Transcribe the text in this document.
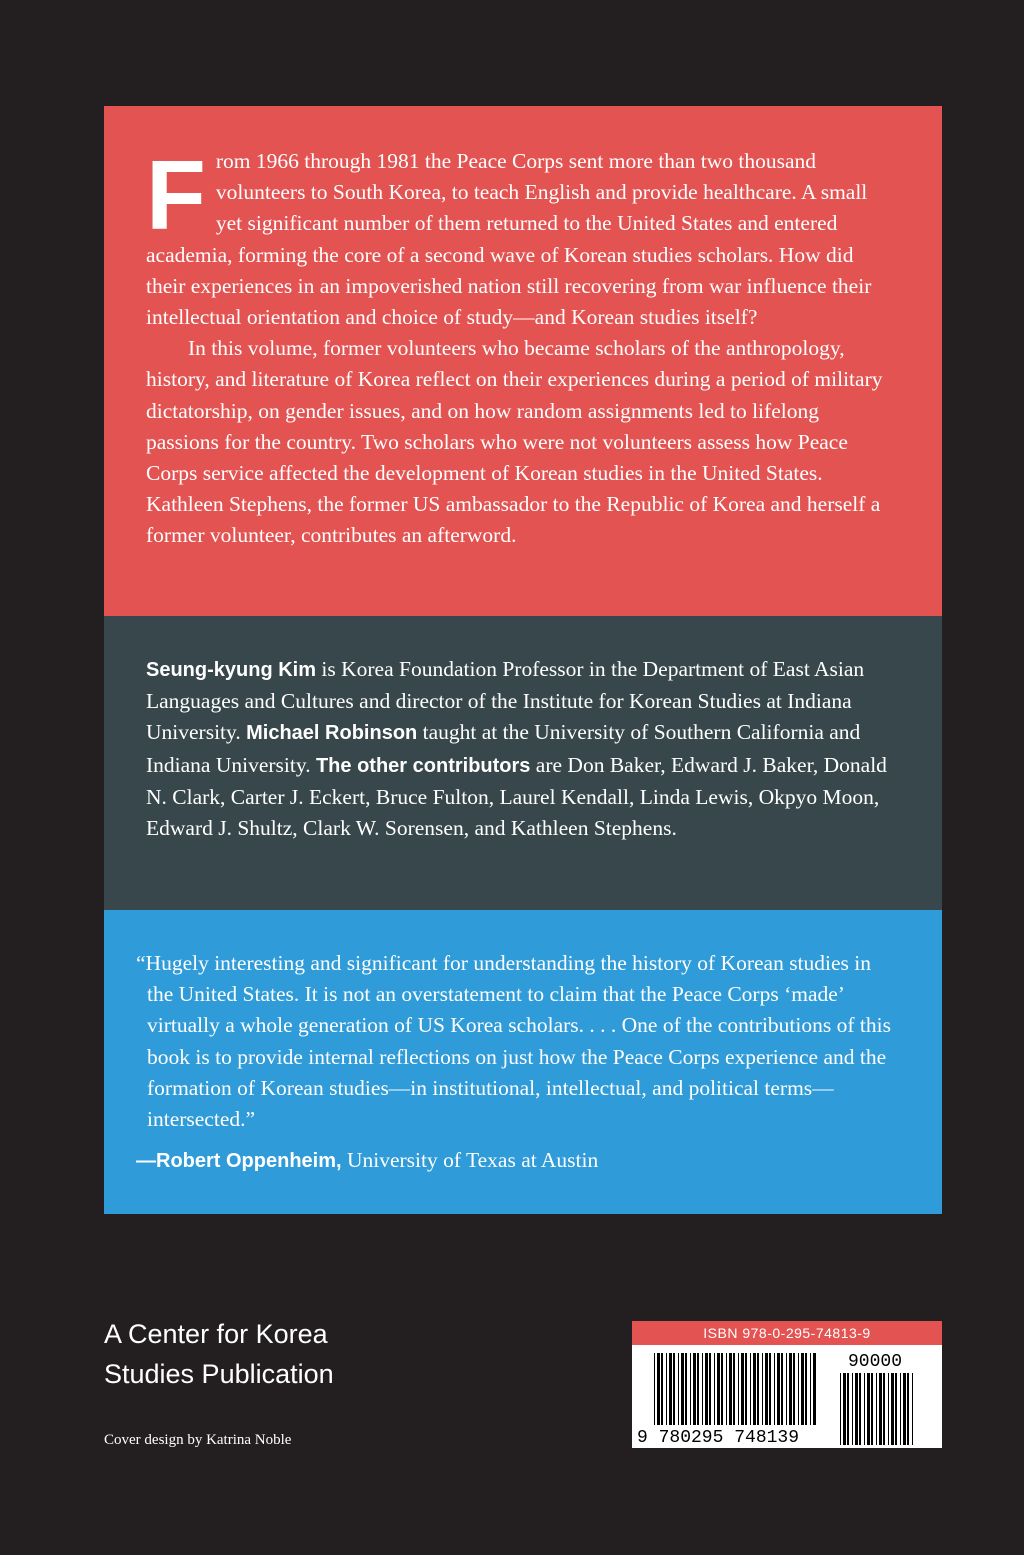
From 1966 through 1981 the Peace Corps sent more than two thousand volunteers to South Korea, to teach English and provide healthcare. A small yet significant number of them returned to the United States and entered academia, forming the core of a second wave of Korean studies scholars. How did their experiences in an impoverished nation still recovering from war influence their intellectual orientation and choice of study—and Korean studies itself?

In this volume, former volunteers who became scholars of the anthropology, history, and literature of Korea reflect on their experiences during a period of military dictatorship, on gender issues, and on how random assignments led to lifelong passions for the country. Two scholars who were not volunteers assess how Peace Corps service affected the development of Korean studies in the United States. Kathleen Stephens, the former US ambassador to the Republic of Korea and herself a former volunteer, contributes an afterword.

Seung-kyung Kim is Korea Foundation Professor in the Department of East Asian Languages and Cultures and director of the Institute for Korean Studies at Indiana University. Michael Robinson taught at the University of Southern California and Indiana University. The other contributors are Don Baker, Edward J. Baker, Donald N. Clark, Carter J. Eckert, Bruce Fulton, Laurel Kendall, Linda Lewis, Okpyo Moon, Edward J. Shultz, Clark W. Sorensen, and Kathleen Stephens.

“Hugely interesting and significant for understanding the history of Korean studies in the United States. It is not an overstatement to claim that the Peace Corps ‘made’ virtually a whole generation of US Korea scholars. . . . One of the contributions of this book is to provide internal reflections on just how the Peace Corps experience and the formation of Korean studies—in institutional, intellectual, and political terms—intersected.”

—Robert Oppenheim, University of Texas at Austin

A Center for Korea
Studies Publication

Cover design by Katrina Noble

ISBN 978-0-295-74813-9
9 780295 748139
90000
